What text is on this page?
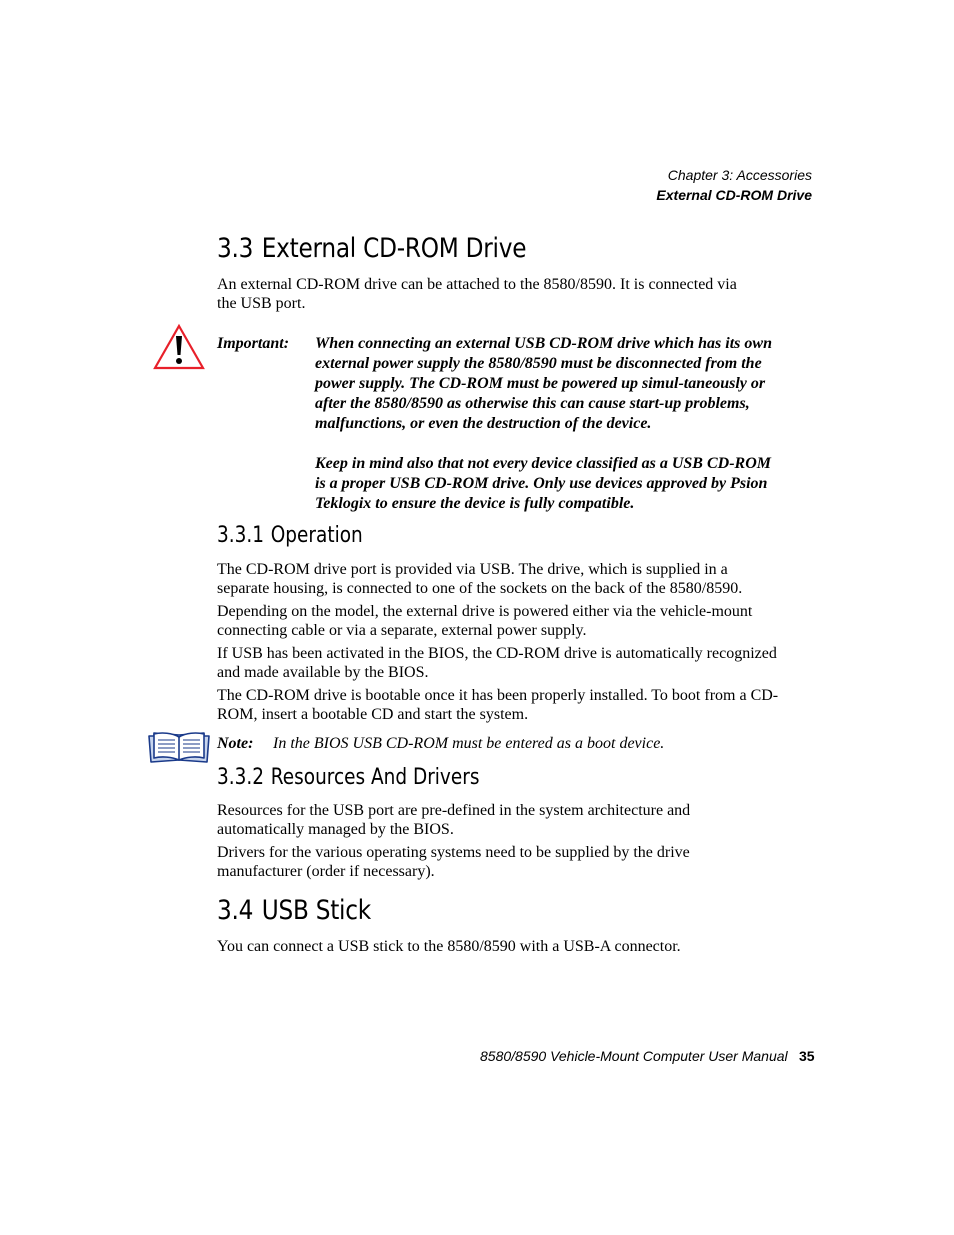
Chapter 3: Accessories
External CD-ROM Drive
3.3 External CD-ROM Drive
An external CD-ROM drive can be attached to the 8580/8590. It is connected via
the USB port.
Important: When connecting an external USB CD-ROM drive which has its own external power supply the 8580/8590 must be disconnected from the power supply. The CD-ROM must be powered up simul-taneously or after the 8580/8590 as otherwise this can cause start-up problems, malfunctions, or even the destruction of the device.
Keep in mind also that not every device classified as a USB CD-ROM is a proper USB CD-ROM drive. Only use devices approved by Psion Teklogix to ensure the device is fully compatible.
3.3.1 Operation
The CD-ROM drive port is provided via USB. The drive, which is supplied in a separate housing, is connected to one of the sockets on the back of the 8580/8590.
Depending on the model, the external drive is powered either via the vehicle-mount connecting cable or via a separate, external power supply.
If USB has been activated in the BIOS, the CD-ROM drive is automatically recognized and made available by the BIOS.
The CD-ROM drive is bootable once it has been properly installed. To boot from a CD-ROM, insert a bootable CD and start the system.
Note: In the BIOS USB CD-ROM must be entered as a boot device.
3.3.2 Resources And Drivers
Resources for the USB port are pre-defined in the system architecture and automatically managed by the BIOS.
Drivers for the various operating systems need to be supplied by the drive manufacturer (order if necessary).
3.4 USB Stick
You can connect a USB stick to the 8580/8590 with a USB-A connector.
8580/8590 Vehicle-Mount Computer User Manual 35
